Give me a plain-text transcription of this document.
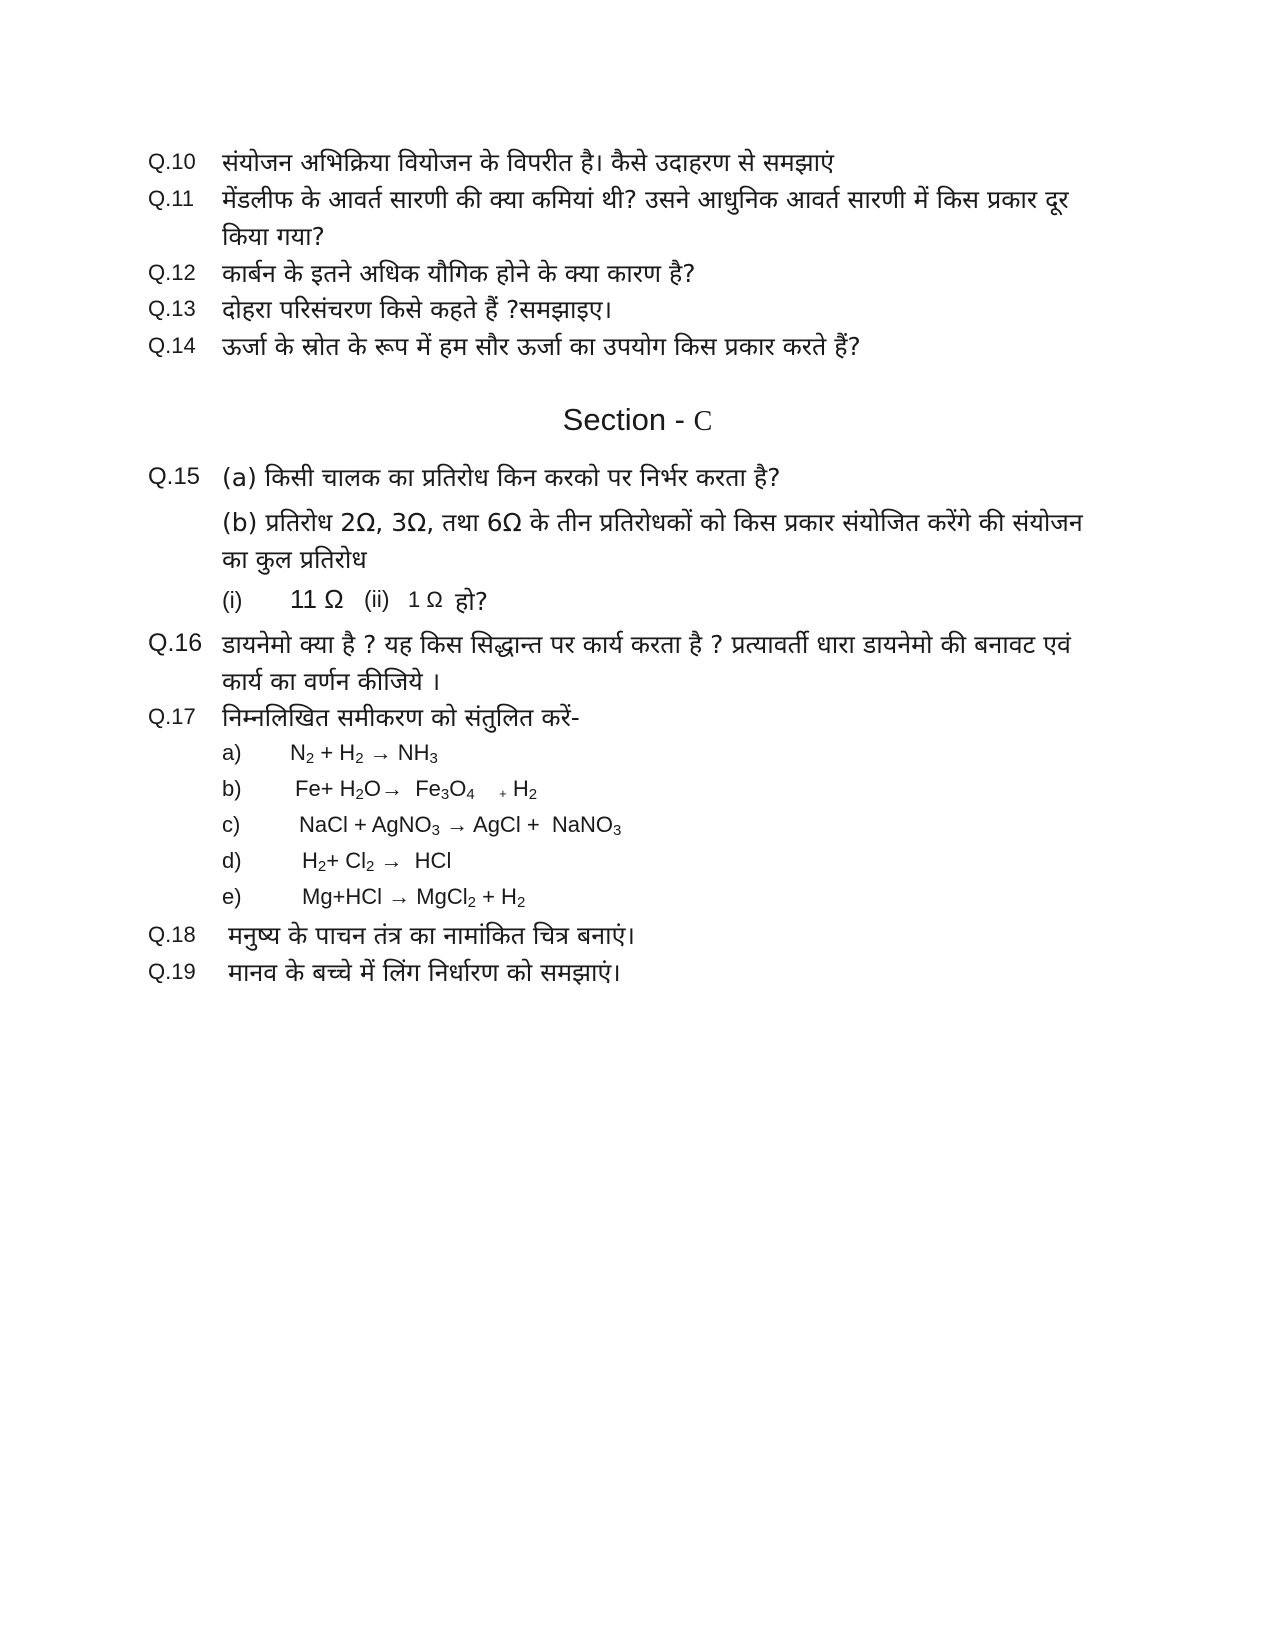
Q.10 संयोजन अभिक्रिया वियोजन के विपरीत है। कैसे उदाहरण से समझाएं
Q.11 मेंडलीफ के आवर्त सारणी की क्या कमियां थी? उसने आधुनिक आवर्त सारणी में किस प्रकार दूर
किया गया?
Q.12 कार्बन के इतने अधिक यौगिक होने के क्या कारण है?
Q.13 दोहरा परिसंचरण किसे कहते हैं ?समझाइए।
Q.14 ऊर्जा के स्रोत के रूप में हम सौर ऊर्जा का उपयोग किस प्रकार करते हैं?
Section - C
Q.15 (a) किसी चालक का प्रतिरोध किन करको पर निर्भर करता है?
(b) प्रतिरोध 2Ω, 3Ω, तथा 6Ω के तीन प्रतिरोधकों को किस प्रकार संयोजित करेंगे की संयोजन
का कुल प्रतिरोध
(i) 11 Ω (ii) 1 Ω हो?
Q.16 डायनेमो क्या है ? यह किस सिद्धान्त पर कार्य करता है ? प्रत्यावर्ती धारा डायनेमो की बनावट एवं
कार्य का वर्णन कीजिये ।
Q.17 निम्नलिखित समीकरण को संतुलित करें-
a) $N_2 + H_2 \to NH_3$
b) $Fe+ H_2O\to Fe_3O_4 + H_2$
c)	NaCl + AgNO$_3$ → AgCl +  NaNO$_3$
d)	$H_2+ Cl_2$ →  HCl
e)	Mg+HCl → MgCl$_2$ + $H_2$
Q.18 मनुष्य के पाचन तंत्र का नामांकित चित्र बनाएं।
Q.19 मानव के बच्चे में लिंग निर्धारण को समझाएं।
